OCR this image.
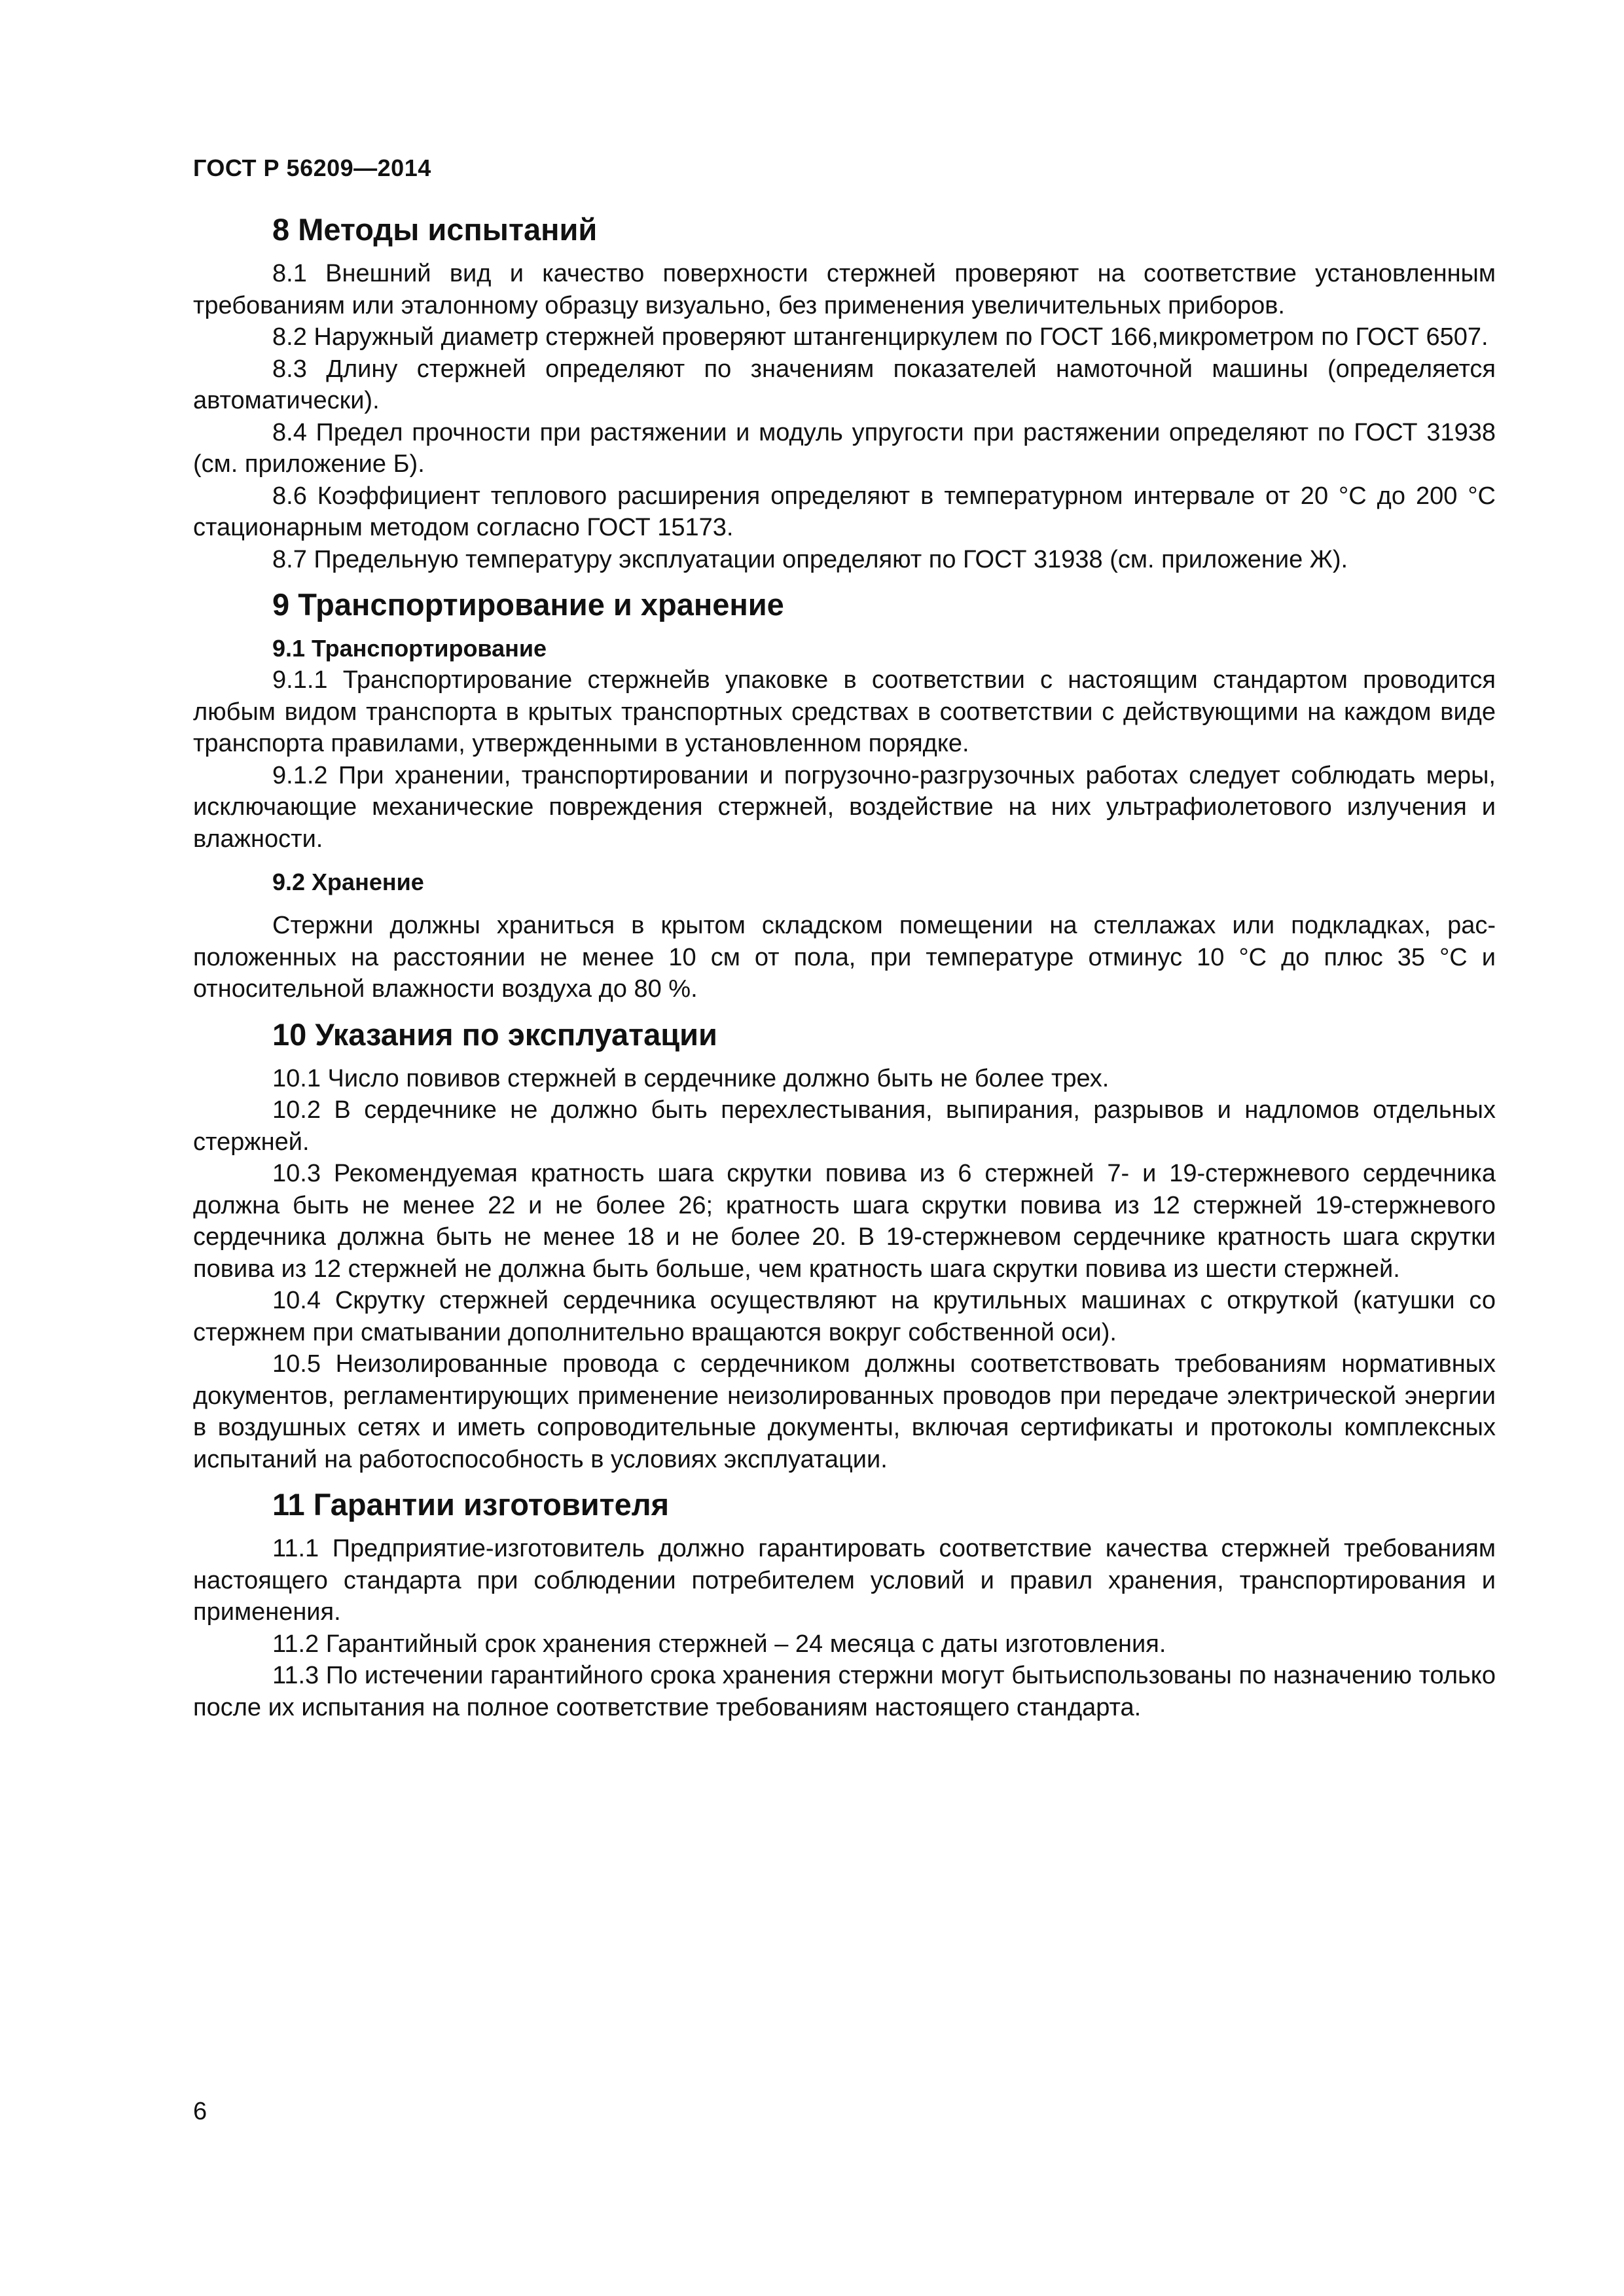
ГОСТ Р 56209—2014
8 Методы испытаний

8.1 Внешний вид и качество поверхности стержней проверяют на соответствие установленным требованиям или эталонному образцу визуально, без применения увеличительных приборов.

8.2 Наружный диаметр стержней проверяют штангенциркулем по ГОСТ 166,микрометром по ГОСТ 6507.

8.3 Длину стержней определяют по значениям показателей намоточной машины (определяется автоматически).

8.4 Предел прочности при растяжении и модуль упругости при растяжении определяют по ГОСТ 31938 (см. приложение Б).

8.6 Коэффициент теплового расширения определяют в температурном интервале от 20 °С до 200 °С стационарным методом согласно ГОСТ 15173.

8.7 Предельную температуру эксплуатации определяют по ГОСТ 31938 (см. приложение Ж).

9 Транспортирование и хранение
9.1 Транспортирование

9.1.1 Транспортирование стержнейв упаковке в соответствии с настоящим стандартом проводится любым видом транспорта в крытых транспортных средствах в соответствии с действующими на каждом виде транспорта правилами, утвержденными в установленном порядке.

9.1.2 При хранении, транспортировании и погрузочно-разгрузочных работах следует соблюдать меры, исключающие механические повреждения стержней, воздействие на них ультрафиолетового излучения и влажности.

9.2 Хранение

Стержни должны храниться в крытом складском помещении на стеллажах или подкладках, расположенных на расстоянии не менее 10 см от пола, при температуре отминус 10 °С до плюс 35 °С и относительной влажности воздуха до 80 %.

10 Указания по эксплуатации

10.1 Число повивов стержней в сердечнике должно быть не более трех.

10.2 В сердечнике не должно быть перехлестывания, выпирания, разрывов и надломов отдельных стержней.

10.3 Рекомендуемая кратность шага скрутки повива из 6 стержней 7- и 19-стержневого сердечника должна быть не менее 22 и не более 26; кратность шага скрутки повива из 12 стержней 19-стержневого сердечника должна быть не менее 18 и не более 20. В 19-стержневом сердечнике кратность шага скрутки повива из 12 стержней не должна быть больше, чем кратность шага скрутки повива из шести стержней.

10.4 Скрутку стержней сердечника осуществляют на крутильных машинах с откруткой (катушки со стержнем при сматывании дополнительно вращаются вокруг собственной оси).

10.5 Неизолированные провода с сердечником должны соответствовать требованиям нормативных документов, регламентирующих применение неизолированных проводов при передаче электрической энергии в воздушных сетях и иметь сопроводительные документы, включая сертификаты и протоколы комплексных испытаний на работоспособность в условиях эксплуатации.

11 Гарантии изготовителя

11.1 Предприятие-изготовитель должно гарантировать соответствие качества стержней требованиям настоящего стандарта при соблюдении потребителем условий и правил хранения, транспортирования и применения.

11.2 Гарантийный срок хранения стержней – 24 месяца с даты изготовления.

11.3 По истечении гарантийного срока хранения стержни могут бытьиспользованы по назначению только после их испытания на полное соответствие требованиям настоящего стандарта.

6
